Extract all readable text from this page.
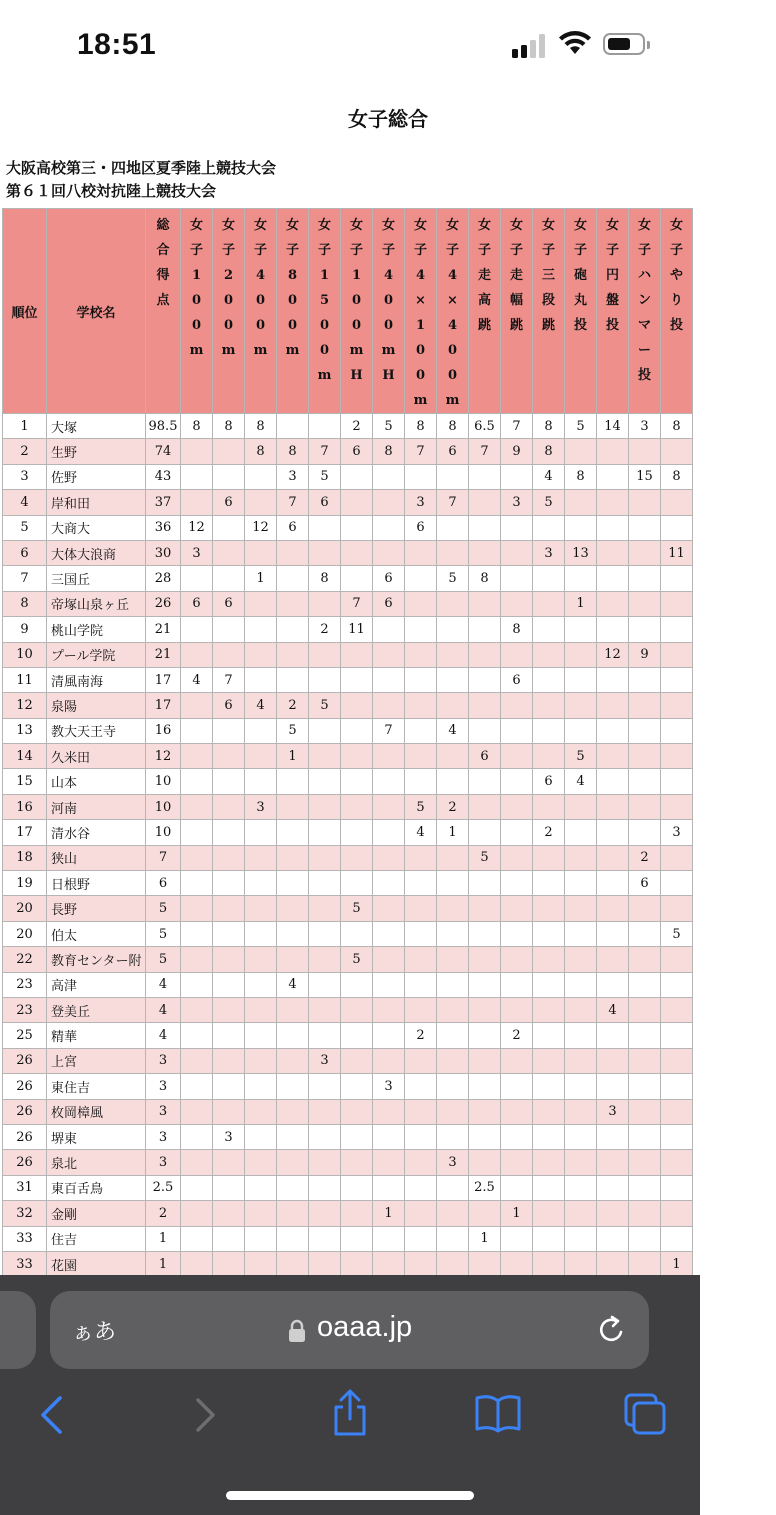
18:51
女子総合
大阪高校第三・四地区夏季陸上競技大会
第６１回八校対抗陸上競技大会
順位	学校名	総合得点	女子100m	女子200m	女子400m	女子800m	女子1500m	女子100mH	女子400mH	女子4×100m	女子4×400m	女子走高跳	女子走幅跳	女子三段跳	女子砲丸投	女子円盤投	女子ハンマー投	女子やり投

1	大塚	98.5	8	8	8			2	5	8	8	6.5	7	8	5	14	3	8
2	生野	74			8	8	7	6	8	7	6	7	9	8				
3	佐野	43				3	5							4	8		15	8
4	岸和田	37		6		7	6			3	7		3	5				
5	大商大	36	12		12	6				6								
6	大体大浪商	30	3											3	13			11
7	三国丘	28			1		8		6		5	8						
8	帝塚山泉ヶ丘	26	6	6				7	6						1			
9	桃山学院	21					2	11					8					
10	プール学院	21														12	9	
11	清風南海	17	4	7									6					
12	泉陽	17		6	4	2	5											
13	教大天王寺	16				5			7		4							
14	久米田	12				1						6			5			
15	山本	10												6	4			
16	河南	10			3					5	2							
17	清水谷	10								4	1			2				3
18	狭山	7										5					2	
19	日根野	6															6	
20	長野	5						5										
20	伯太	5																5
22	教育センター附	5						5										
23	高津	4				4												
23	登美丘	4														4		
25	精華	4								2			2					
26	上宮	3					3											
26	東住吉	3							3									
26	枚岡樟風	3														3		
26	堺東	3		3														
26	泉北	3									3							
31	東百舌鳥	2.5										2.5						
32	金剛	2							1				1					
33	住吉	1										1						
33	花園	1																1

ぁあ	oaaa.jp
